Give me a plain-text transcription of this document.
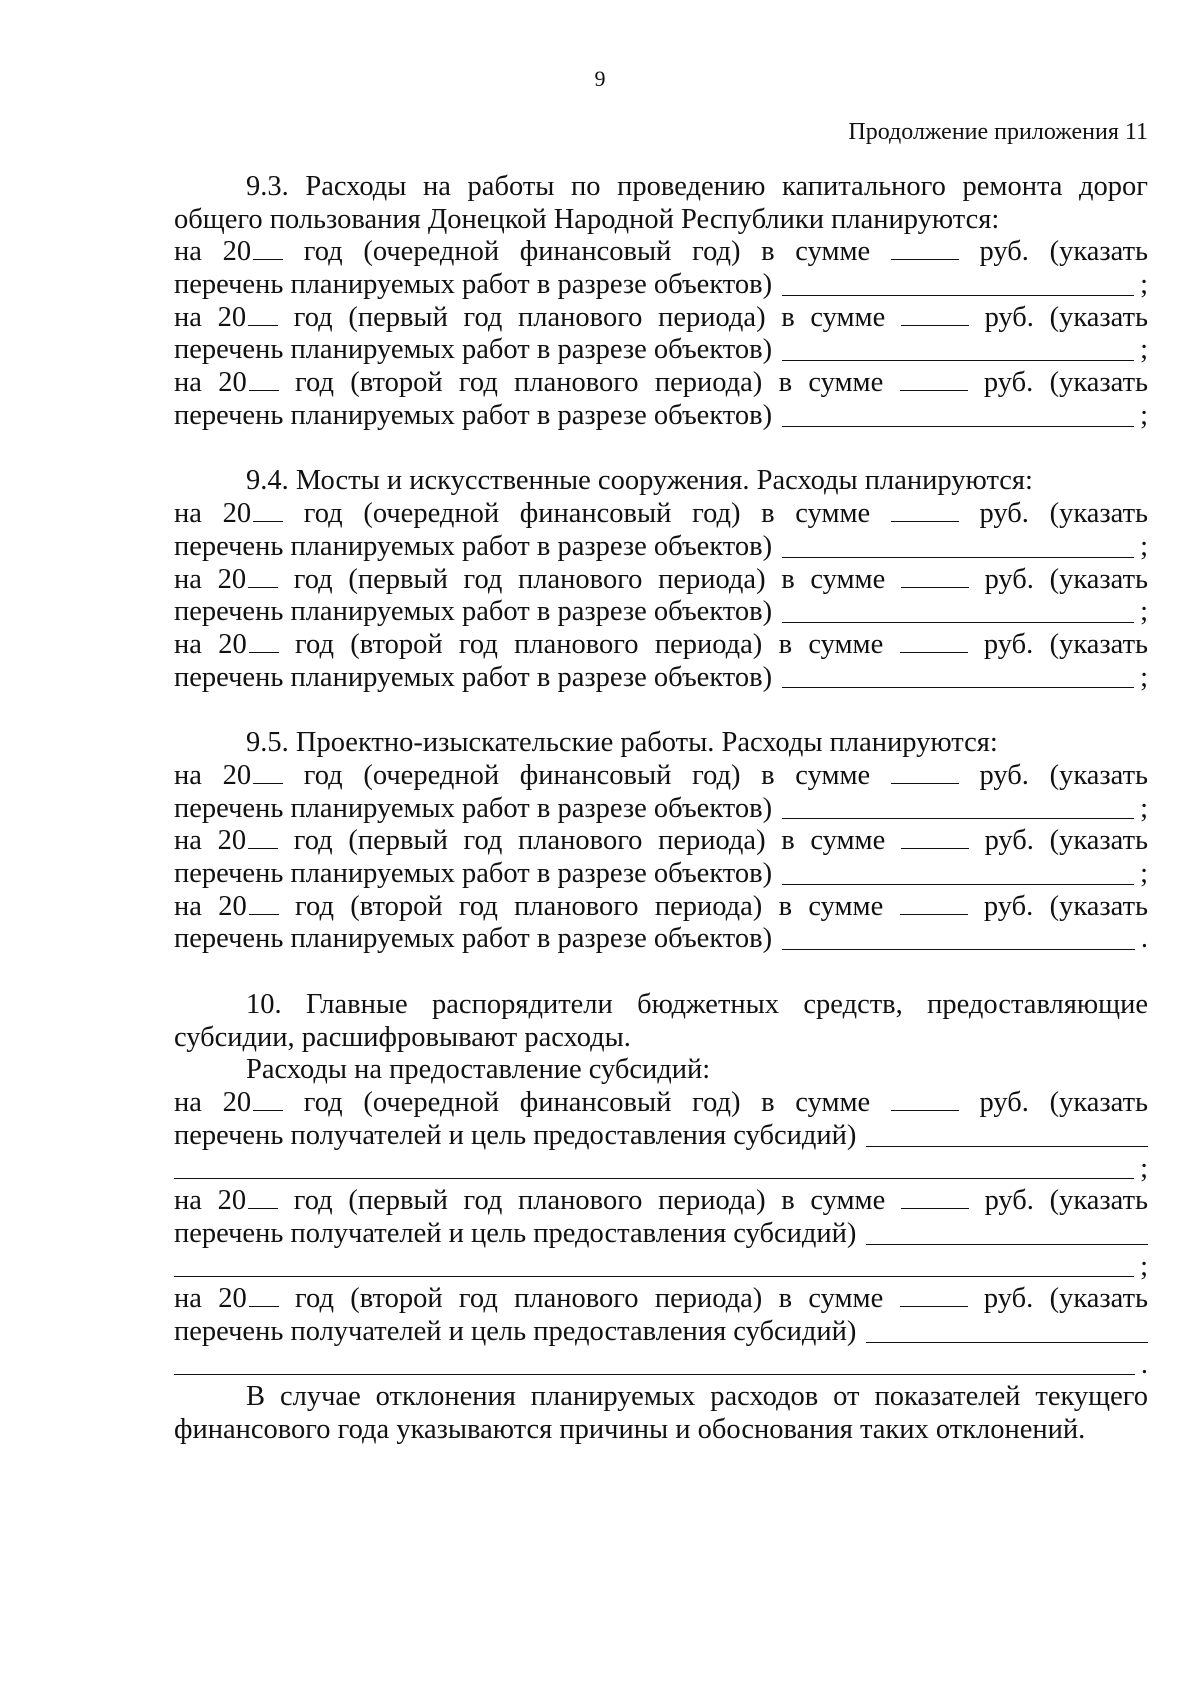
9
Продолжение приложения 11
9.3. Расходы на работы по проведению капитального ремонта дорог
общего пользования Донецкой Народной Республики планируются:
на 20 год (очередной финансовый год) в сумме	руб. (указать
перечень планируемых работ в разрезе объектов)	;
на 20 год (первый год планового периода) в сумме	руб. (указать
перечень планируемых работ в разрезе объектов)	;
на 20 год (второй год планового периода) в сумме	руб. (указать
перечень планируемых работ в разрезе объектов)	;
9.4. Мосты и искусственные сооружения. Расходы планируются:
на 20 год (очередной финансовый год) в сумме	руб. (указать
перечень планируемых работ в разрезе объектов)	;
на 20 год (первый год планового периода) в сумме	руб. (указать
перечень планируемых работ в разрезе объектов)	;
на 20 год (второй год планового периода) в сумме	руб. (указать
перечень планируемых работ в разрезе объектов)	;
9.5. Проектно-изыскательские работы. Расходы планируются:
на 20 год (очередной финансовый год) в сумме	руб. (указать
перечень планируемых работ в разрезе объектов)	;
на 20 год (первый год планового периода) в сумме	руб. (указать
перечень планируемых работ в разрезе объектов)	;
на 20 год (второй год планового периода) в сумме	руб. (указать
перечень планируемых работ в разрезе объектов)	.
10. Главные распорядители бюджетных средств, предоставляющие
субсидии, расшифровывают расходы.
Расходы на предоставление субсидий:
на 20 год (очередной финансовый год) в сумме	руб. (указать
перечень получателей и цель предоставления субсидий)
;
на 20 год (первый год планового периода) в сумме	руб. (указать
перечень получателей и цель предоставления субсидий)
;
на 20 год (второй год планового периода) в сумме	руб. (указать
перечень получателей и цель предоставления субсидий)
.
В случае отклонения планируемых расходов от показателей текущего
финансового года указываются причины и обоснования таких отклонений.
